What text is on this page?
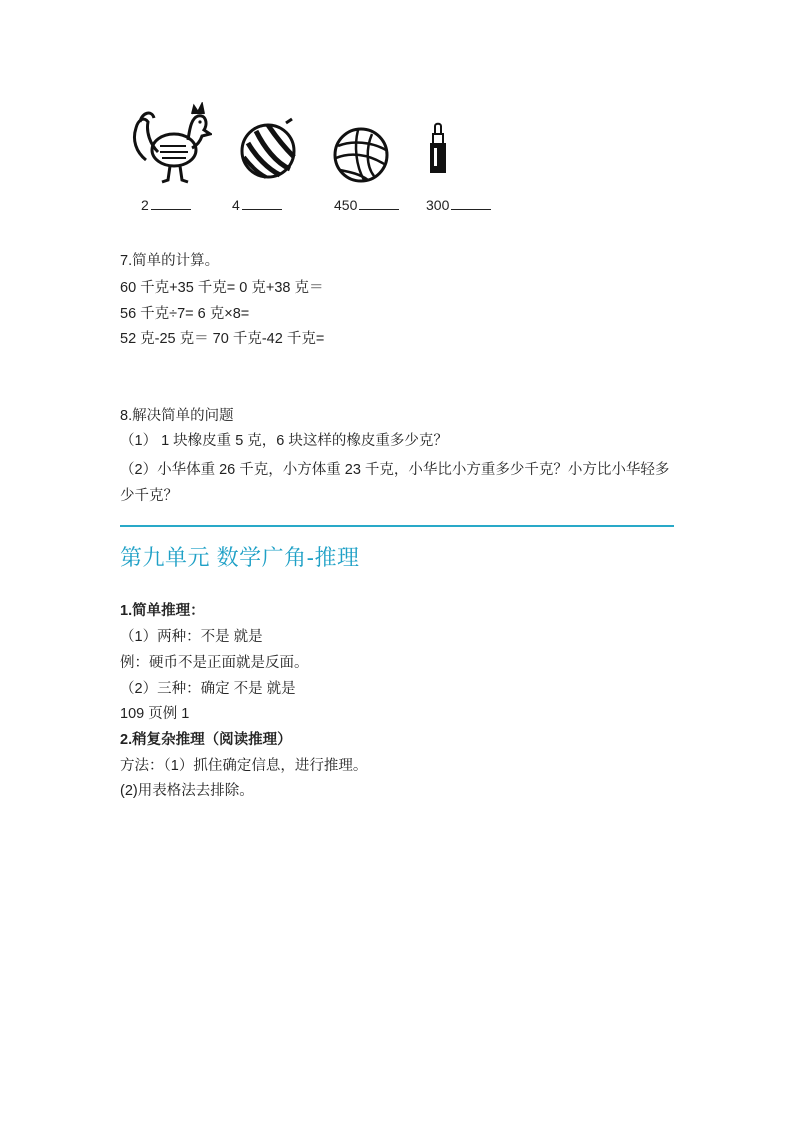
2	4	450	300
7.简单的计算。
60 千克+35 千克= 0 克+38 克＝
56 千克÷7= 6 克×8=
52 克-25 克＝ 70 千克-42 千克=
8.解决简单的问题
（1） 1 块橡皮重 5 克，6 块这样的橡皮重多少克？
（2）小华体重 26 千克，小方体重 23 千克，小华比小方重多少千克？小方比小华轻多少千克？
第九单元 数学广角-推理
1.简单推理：
（1）两种：不是 就是
例：硬币不是正面就是反面。
（2）三种：确定 不是 就是
109 页例 1
2.稍复杂推理（阅读推理）
方法：（1）抓住确定信息，进行推理。
(2)用表格法去排除。
